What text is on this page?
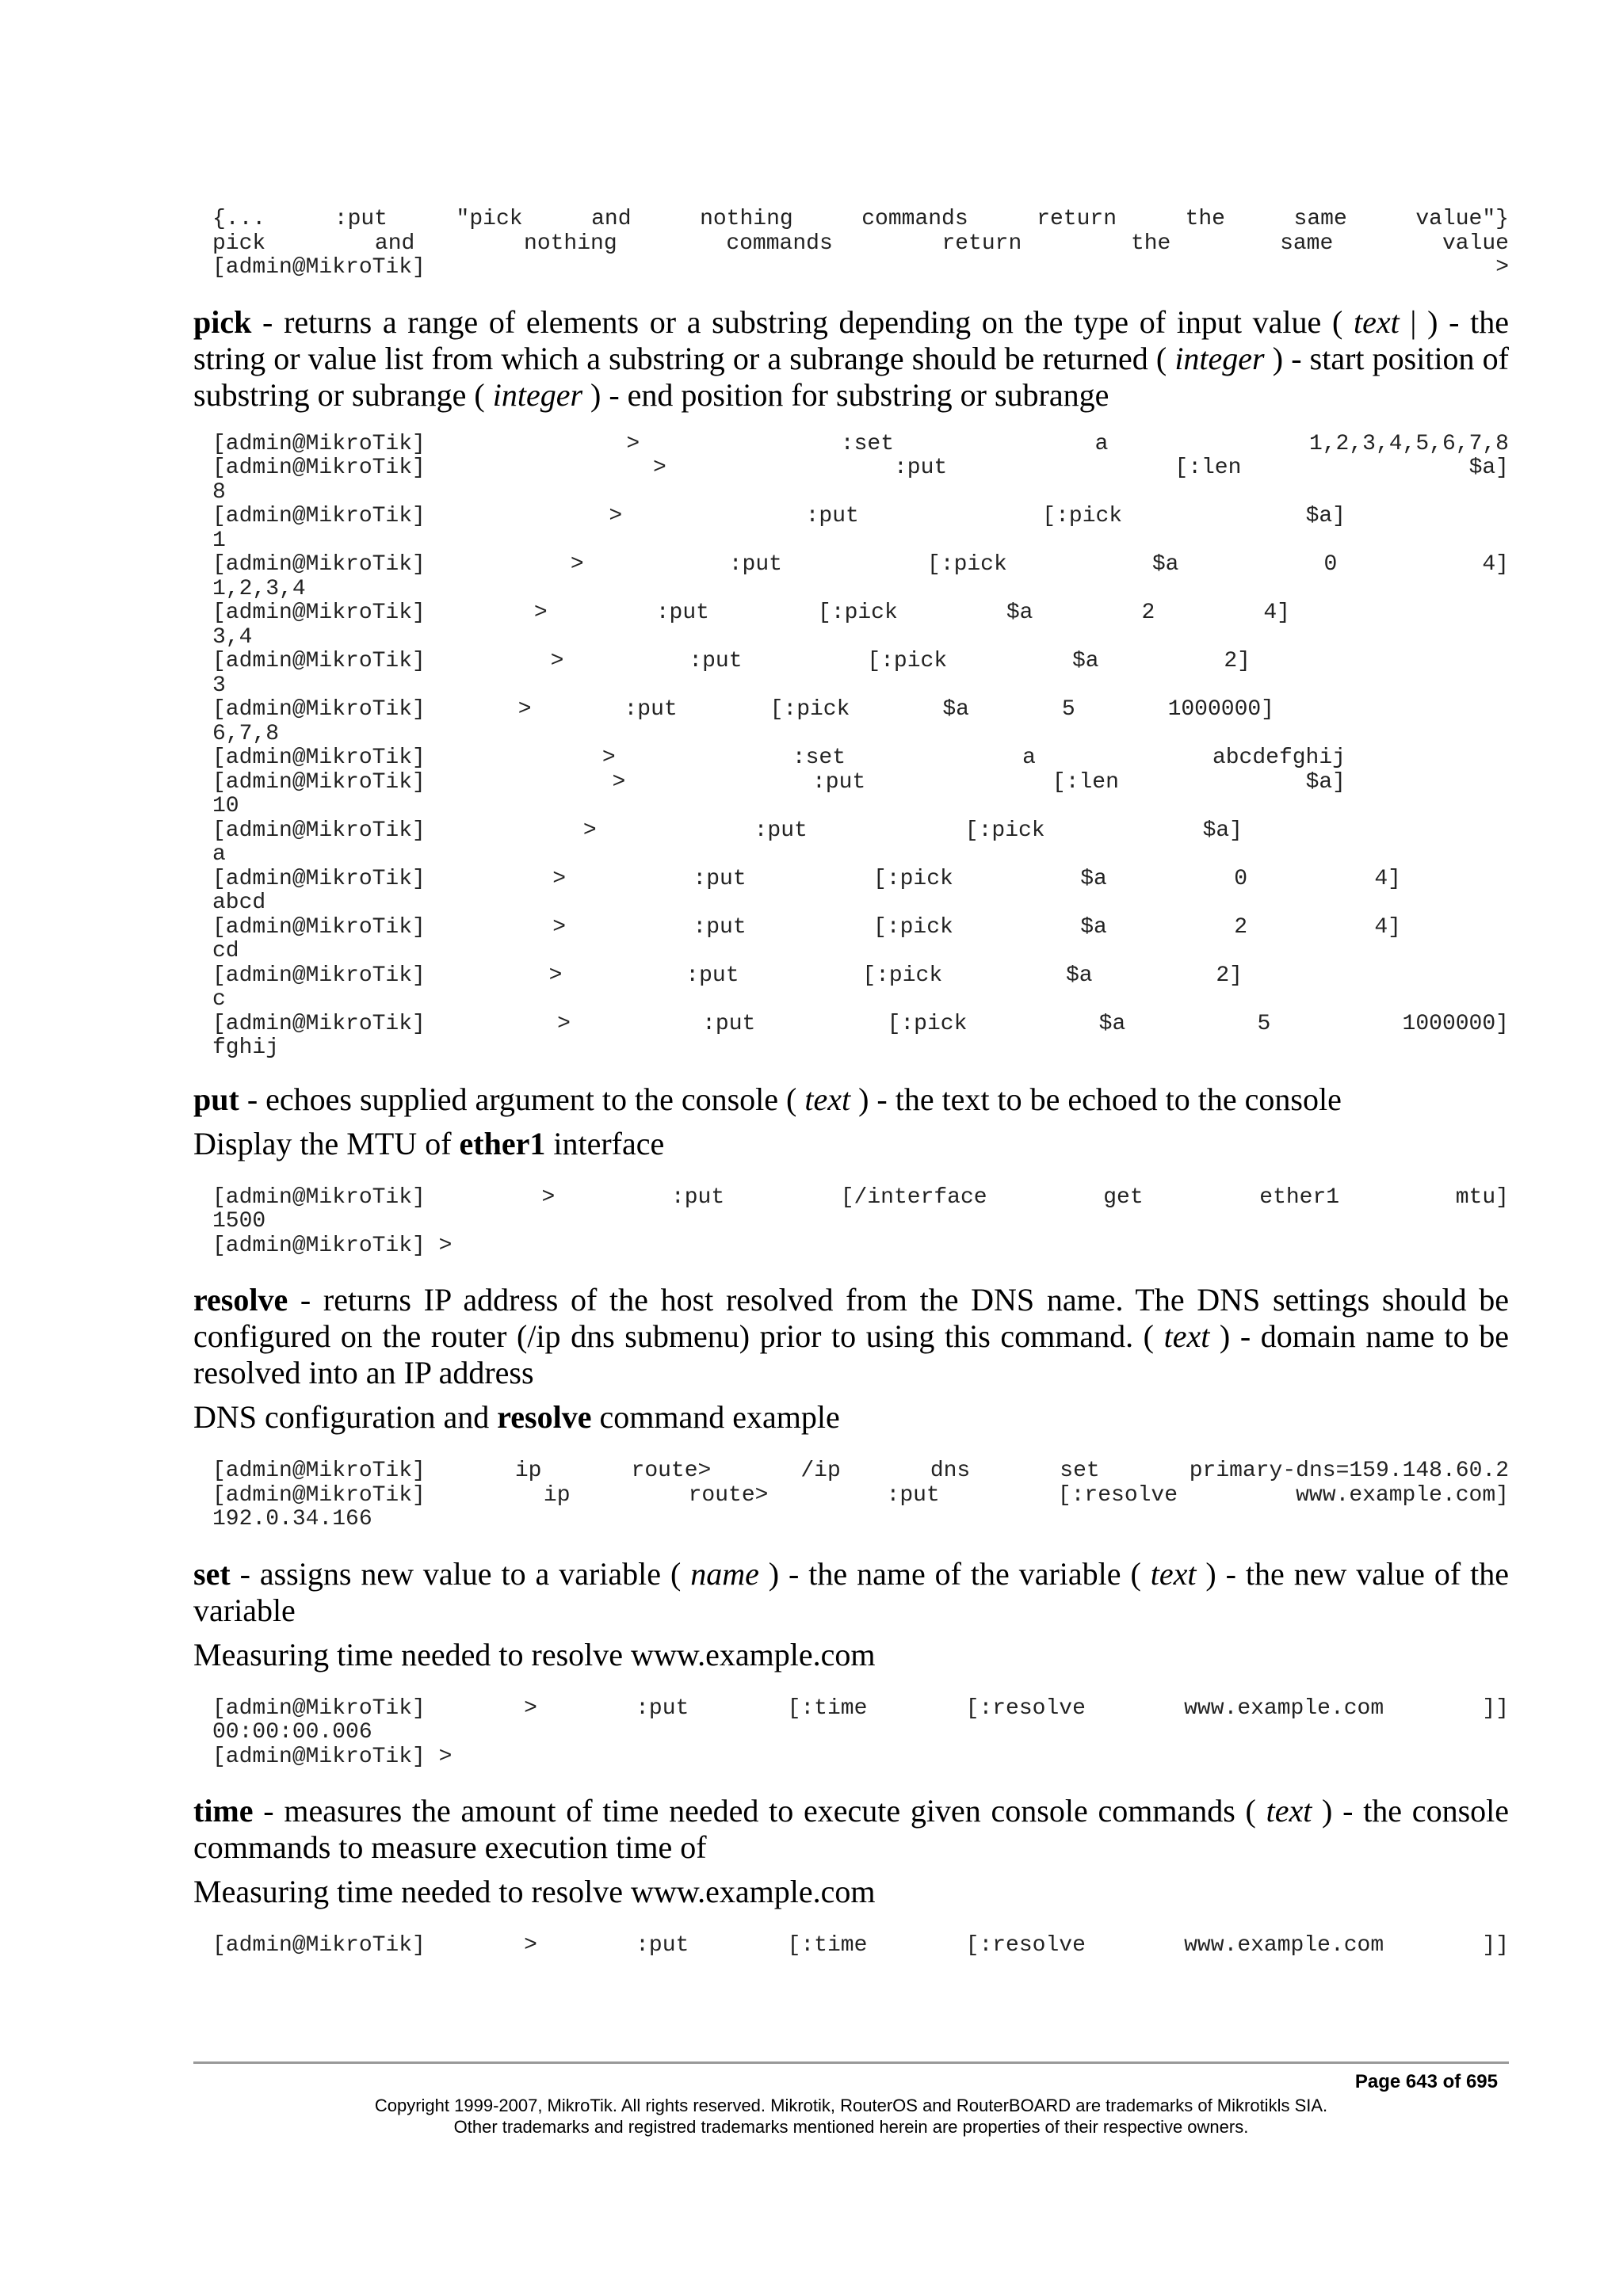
{...	:put	"pick	and	nothing	commands	return	the	same	value"}
pick	and	nothing	commands	return	the	same	value
[admin@MikroTik]	>

pick - returns a range of elements or a substring depending on the type of input value ( text | ) - the string or value list from which a substring or a subrange should be returned ( integer ) - start position of substring or subrange ( integer ) - end position for substring or subrange

[admin@MikroTik]	>	:set	a	1,2,3,4,5,6,7,8
[admin@MikroTik]	>	:put	[:len	$a]
8
[admin@MikroTik]	>	:put	[:pick	$a]
1
[admin@MikroTik]	>	:put	[:pick	$a	0	4]
1,2,3,4
[admin@MikroTik]	>	:put	[:pick	$a	2	4]
3,4
[admin@MikroTik]	>	:put	[:pick	$a	2]
3
[admin@MikroTik]	>	:put	[:pick	$a	5	1000000]
6,7,8
[admin@MikroTik]	>	:set	a	abcdefghij
[admin@MikroTik]	>	:put	[:len	$a]
10
[admin@MikroTik]	>	:put	[:pick	$a]
a
[admin@MikroTik]	>	:put	[:pick	$a	0	4]
abcd
[admin@MikroTik]	>	:put	[:pick	$a	2	4]
cd
[admin@MikroTik]	>	:put	[:pick	$a	2]
c
[admin@MikroTik]	>	:put	[:pick	$a	5	1000000]
fghij

put - echoes supplied argument to the console ( text ) - the text to be echoed to the console

Display the MTU of ether1 interface
[admin@MikroTik]	>	:put	[/interface	get	ether1	mtu]
1500
[admin@MikroTik] >

resolve - returns IP address of the host resolved from the DNS name. The DNS settings should be configured on the router (/ip dns submenu) prior to using this command. ( text ) - domain name to be resolved into an IP address

DNS configuration and resolve command example
[admin@MikroTik]	ip	route>	/ip	dns	set	primary-dns=159.148.60.2
[admin@MikroTik]	ip	route>	:put	[:resolve	www.example.com]
192.0.34.166

set - assigns new value to a variable ( name ) - the name of the variable ( text ) - the new value of the variable

Measuring time needed to resolve www.example.com
[admin@MikroTik]	>	:put	[:time	[:resolve	www.example.com	]]
00:00:00.006
[admin@MikroTik] >

time - measures the amount of time needed to execute given console commands ( text ) - the console commands to measure execution time of

Measuring time needed to resolve www.example.com
[admin@MikroTik]	>	:put	[:time	[:resolve	www.example.com	]]
Page 643 of 695
Copyright 1999-2007, MikroTik. All rights reserved. Mikrotik, RouterOS and RouterBOARD are trademarks of Mikrotikls SIA.
Other trademarks and registred trademarks mentioned herein are properties of their respective owners.
